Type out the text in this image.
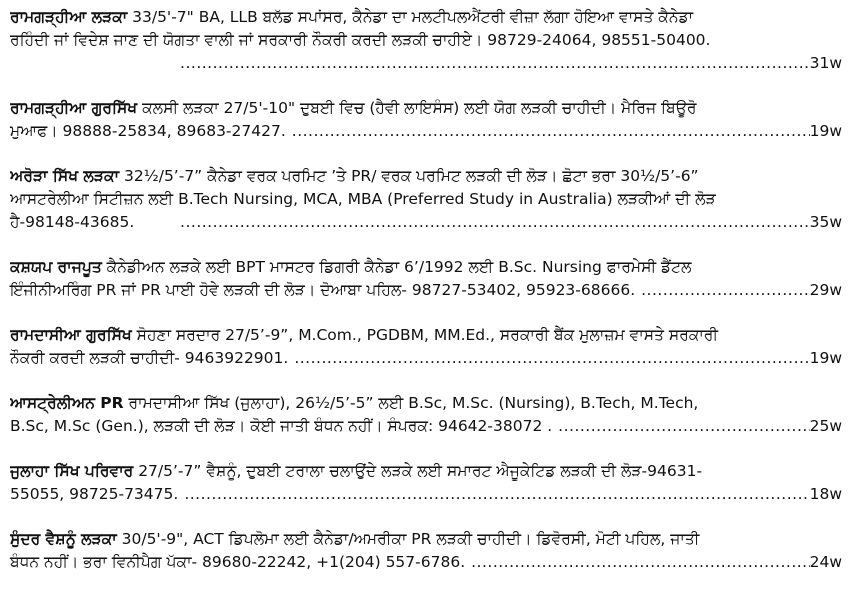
ਰਾਮਗੜ੍ਹੀਆ ਲੜਕਾ 33/5'-7" BA, LLB ਬਲੱਡ ਸਪਾਂਸਰ, ਕੈਨੇਡਾ ਦਾ ਮਲਟੀਪਲਐਂਟਰੀ ਵੀਜ਼ਾ ਲੱਗਾ ਹੋਇਆ ਵਾਸਤੇ ਕੈਨੇਡਾ
ਰਹਿੰਦੀ ਜਾਂ ਵਿਦੇਸ਼ ਜਾਣ ਦੀ ਯੋਗਤਾ ਵਾਲੀ ਜਾਂ ਸਰਕਾਰੀ ਨੌਕਰੀ ਕਰਦੀ ਲੜਕੀ ਚਾਹੀਏ। 98729-24064, 98551-50400.
.....
31w
ਰਾਮਗੜ੍ਹੀਆ ਗੁਰਸਿੱਖ ਕਲਸੀ ਲੜਕਾ 27/5'-10" ਦੁਬਈ ਵਿਚ (ਹੈਵੀ ਲਾਇਸੰਸ) ਲਈ ਯੋਗ ਲੜਕੀ ਚਾਹੀਦੀ। ਮੈਰਿਜ ਬਿਊਰੋ
ਮੁਆਫ। 98888-25834, 89683-27427. .....	19w
ਅਰੋੜਾ ਸਿੱਖ ਲੜਕਾ 32½/5’-7” ਕੈਨੇਡਾ ਵਰਕ ਪਰਮਿਟ ’ਤੇ PR/ ਵਰਕ ਪਰਮਿਟ ਲੜਕੀ ਦੀ ਲੋੜ। ਛੋਟਾ ਭਰਾ 30½/5’-6”
ਆਸਟਰੇਲੀਆ ਸਿਟੀਜ਼ਨ ਲਈ B.Tech Nursing, MCA, MBA (Preferred Study in Australia) ਲੜਕੀਆਂ ਦੀ ਲੋੜ
ਹੈ-98148-43685. .....	35w
ਕਸ਼ਯਪ ਰਾਜਪੂਤ ਕੈਨੇਡੀਅਨ ਲੜਕੇ ਲਈ BPT ਮਾਸਟਰ ਡਿਗਰੀ ਕੈਨੇਡਾ 6’/1992 ਲਈ B.Sc. Nursing ਫਾਰਮੇਸੀ ਡੈਂਟਲ
ਇੰਜੀਨੀਅਰਿੰਗ PR ਜਾਂ PR ਪਾਈ ਹੋਵੇ ਲੜਕੀ ਦੀ ਲੋੜ। ਦੋਆਬਾ ਪਹਿਲ- 98727-53402, 95923-68666. .....	29w
ਰਾਮਦਾਸੀਆ ਗੁਰਸਿੱਖ ਸੋਹਣਾ ਸਰਦਾਰ 27/5’-9”, M.Com., PGDBM, MM.Ed., ਸਰਕਾਰੀ ਬੈਂਕ ਮੁਲਾਜ਼ਮ ਵਾਸਤੇ ਸਰਕਾਰੀ
ਨੌਕਰੀ ਕਰਦੀ ਲੜਕੀ ਚਾਹੀਦੀ- 9463922901. .....	19w
ਆਸਟ੍ਰੇਲੀਅਨ PR ਰਾਮਦਾਸੀਆ ਸਿੱਖ (ਜੁਲਾਹਾ), 26½/5’-5” ਲਈ B.Sc, M.Sc. (Nursing), B.Tech, M.Tech,
B.Sc, M.Sc (Gen.), ਲੜਕੀ ਦੀ ਲੋੜ। ਕੋਈ ਜਾਤੀ ਬੰਧਨ ਨਹੀਂ। ਸੰਪਰਕ: 94642-38072 . .....	25w
ਜੁਲਾਹਾ ਸਿੱਖ ਪਰਿਵਾਰ 27/5’-7” ਵੈਸ਼ਨੂੰ, ਦੁਬਈ ਟਰਾਲਾ ਚਲਾਉਂਦੇ ਲੜਕੇ ਲਈ ਸਮਾਰਟ ਐਜੂਕੇਟਿਡ ਲੜਕੀ ਦੀ ਲੋੜ-94631-
55055, 98725-73475. .....	18w
ਸੁੰਦਰ ਵੈਸ਼ਨੂੰ ਲੜਕਾ 30/5'-9", ACT ਡਿਪਲੋਮਾ ਲਈ ਕੈਨੇਡਾ/ਅਮਰੀਕਾ PR ਲੜਕੀ ਚਾਹੀਦੀ। ਡਿਵੋਰਸੀ, ਮੋਟੀ ਪਹਿਲ, ਜਾਤੀ
ਬੰਧਨ ਨਹੀਂ। ਭਰਾ ਵਿਨੀਪੈਗ ਪੱਕਾ- 89680-22242, +1(204) 557-6786. .....	24w
